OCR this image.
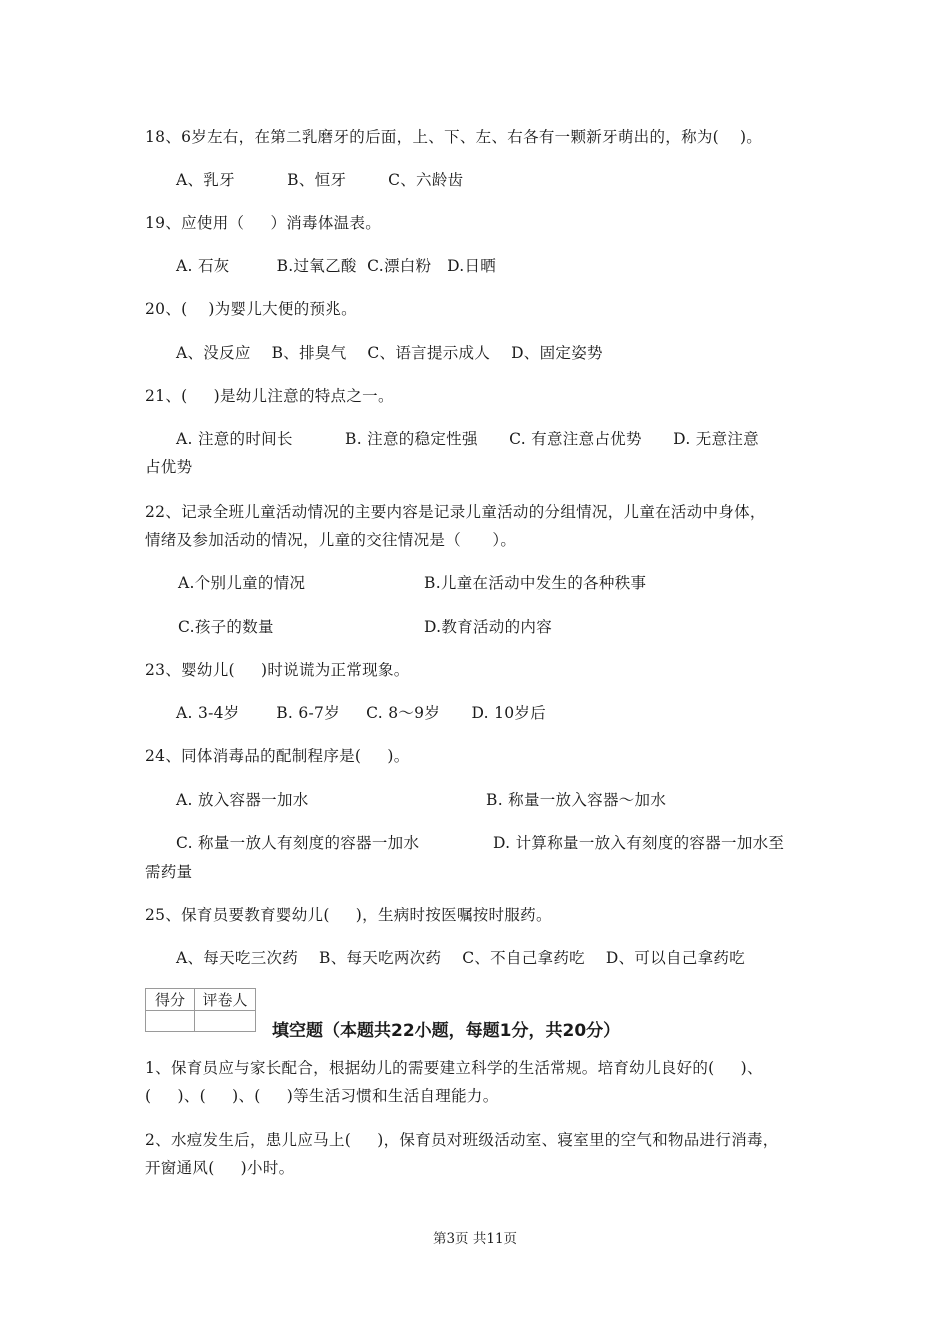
18、6岁左右，在第二乳磨牙的后面，上、下、左、右各有一颗新牙萌出的，称为(    )。
A、乳牙          B、恒牙        C、六龄齿
19、应使用（     ）消毒体温表。
A. 石灰         B.过氧乙酸  C.漂白粉   D.日晒
20、(    )为婴儿大便的预兆。
A、没反应    B、排臭气    C、语言提示成人    D、固定姿势
21、(     )是幼儿注意的特点之一。
A. 注意的时间长          B. 注意的稳定性强      C. 有意注意占优势      D. 无意注意
占优势
22、记录全班儿童活动情况的主要内容是记录儿童活动的分组情况，儿童在活动中身体，
情绪及参加活动的情况，儿童的交往情况是（      ）。
A.个别儿童的情况	B.儿童在活动中发生的各种秩事
C.孩子的数量	D.教育活动的内容
23、婴幼儿(     )时说谎为正常现象。
A. 3-4岁       B. 6-7岁     C. 8～9岁      D. 10岁后
24、同体消毒品的配制程序是(     )。
A. 放入容器一加水	B. 称量一放入容器～加水
C. 称量一放人有刻度的容器一加水	D. 计算称量一放入有刻度的容器一加水至
需药量
25、保育员要教育婴幼儿(     )，生病时按医嘱按时服药。
A、每天吃三次药    B、每天吃两次药    C、不自己拿药吃    D、可以自己拿药吃
得分	评卷人

填空题（本题共22小题，每题1分，共20分）
1、保育员应与家长配合，根据幼儿的需要建立科学的生活常规。培育幼儿良好的(     )、
(     )、(     )、(     )等生活习惯和生活自理能力。
2、水痘发生后，患儿应马上(     )，保育员对班级活动室、寝室里的空气和物品进行消毒，
开窗通风(     )小时。
第3页 共11页
